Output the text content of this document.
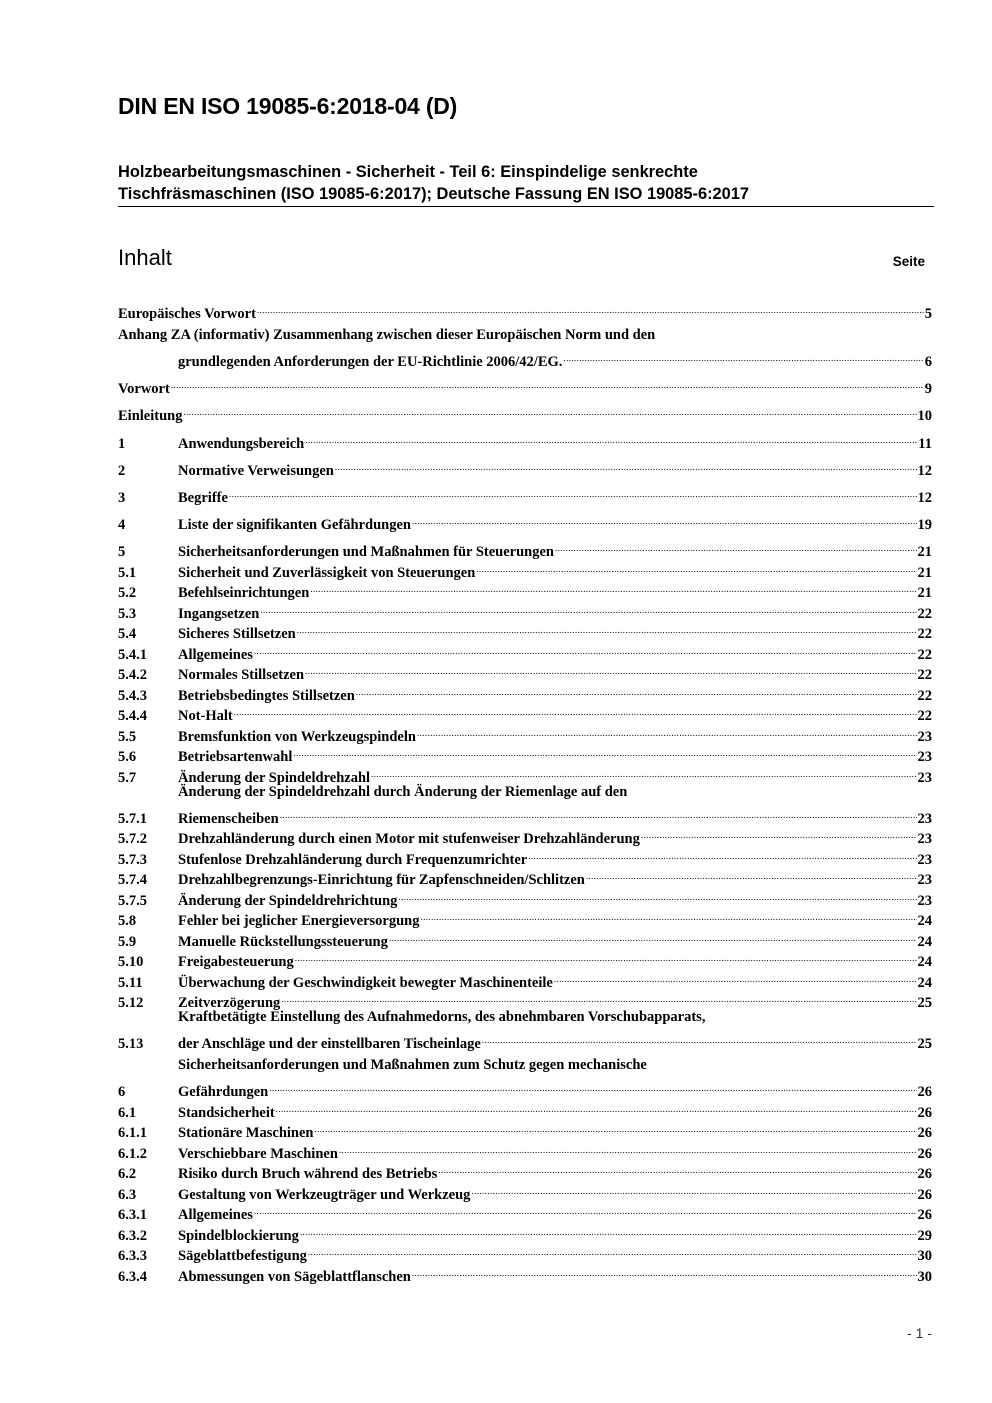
DIN EN ISO 19085-6:2018-04 (D)
Holzbearbeitungsmaschinen - Sicherheit - Teil 6: Einspindelige senkrechte
Tischfräsmaschinen (ISO 19085-6:2017); Deutsche Fassung EN ISO 19085-6:2017
Inhalt	Seite
Europäisches Vorwort .....	5
Anhang ZA (informativ) Zusammenhang zwischen dieser Europäischen Norm und den
grundlegenden Anforderungen der EU-Richtlinie 2006/42/EG. .....	6
Vorwort .....	9
Einleitung .....	10
1	Anwendungsbereich .....	11
2	Normative Verweisungen .....	12
3	Begriffe .....	12
4	Liste der signifikanten Gefährdungen .....	19
5	Sicherheitsanforderungen und Maßnahmen für Steuerungen .....	21
5.1	Sicherheit und Zuverlässigkeit von Steuerungen .....	21
5.2	Befehlseinrichtungen .....	21
5.3	Ingangsetzen .....	22
5.4	Sicheres Stillsetzen .....	22
5.4.1	Allgemeines .....	22
5.4.2	Normales Stillsetzen .....	22
5.4.3	Betriebsbedingtes Stillsetzen .....	22
5.4.4	Not-Halt .....	22
5.5	Bremsfunktion von Werkzeugspindeln .....	23
5.6	Betriebsartenwahl .....	23
5.7	Änderung der Spindeldrehzahl .....	23
Änderung der Spindeldrehzahl durch Änderung der Riemenlage auf den
5.7.1	Riemenscheiben .....	23
5.7.2	Drehzahländerung durch einen Motor mit stufenweiser Drehzahländerung .....	23
5.7.3	Stufenlose Drehzahländerung durch Frequenzumrichter .....	23
5.7.4	Drehzahlbegrenzungs-Einrichtung für Zapfenschneiden/Schlitzen .....	23
5.7.5	Änderung der Spindeldrehrichtung .....	23
5.8	Fehler bei jeglicher Energieversorgung .....	24
5.9	Manuelle Rückstellungssteuerung .....	24
5.10	Freigabesteuerung .....	24
5.11	Überwachung der Geschwindigkeit bewegter Maschinenteile .....	24
5.12	Zeitverzögerung .....	25
Kraftbetätigte Einstellung des Aufnahmedorns, des abnehmbaren Vorschubapparats,
5.13	der Anschläge und der einstellbaren Tischeinlage .....	25
Sicherheitsanforderungen und Maßnahmen zum Schutz gegen mechanische
6	Gefährdungen .....	26
6.1	Standsicherheit .....	26
6.1.1	Stationäre Maschinen .....	26
6.1.2	Verschiebbare Maschinen .....	26
6.2	Risiko durch Bruch während des Betriebs .....	26
6.3	Gestaltung von Werkzeugträger und Werkzeug .....	26
6.3.1	Allgemeines .....	26
6.3.2	Spindelblockierung .....	29
6.3.3	Sägeblattbefestigung .....	30
6.3.4	Abmessungen von Sägeblattflanschen .....	30
- 1 -
